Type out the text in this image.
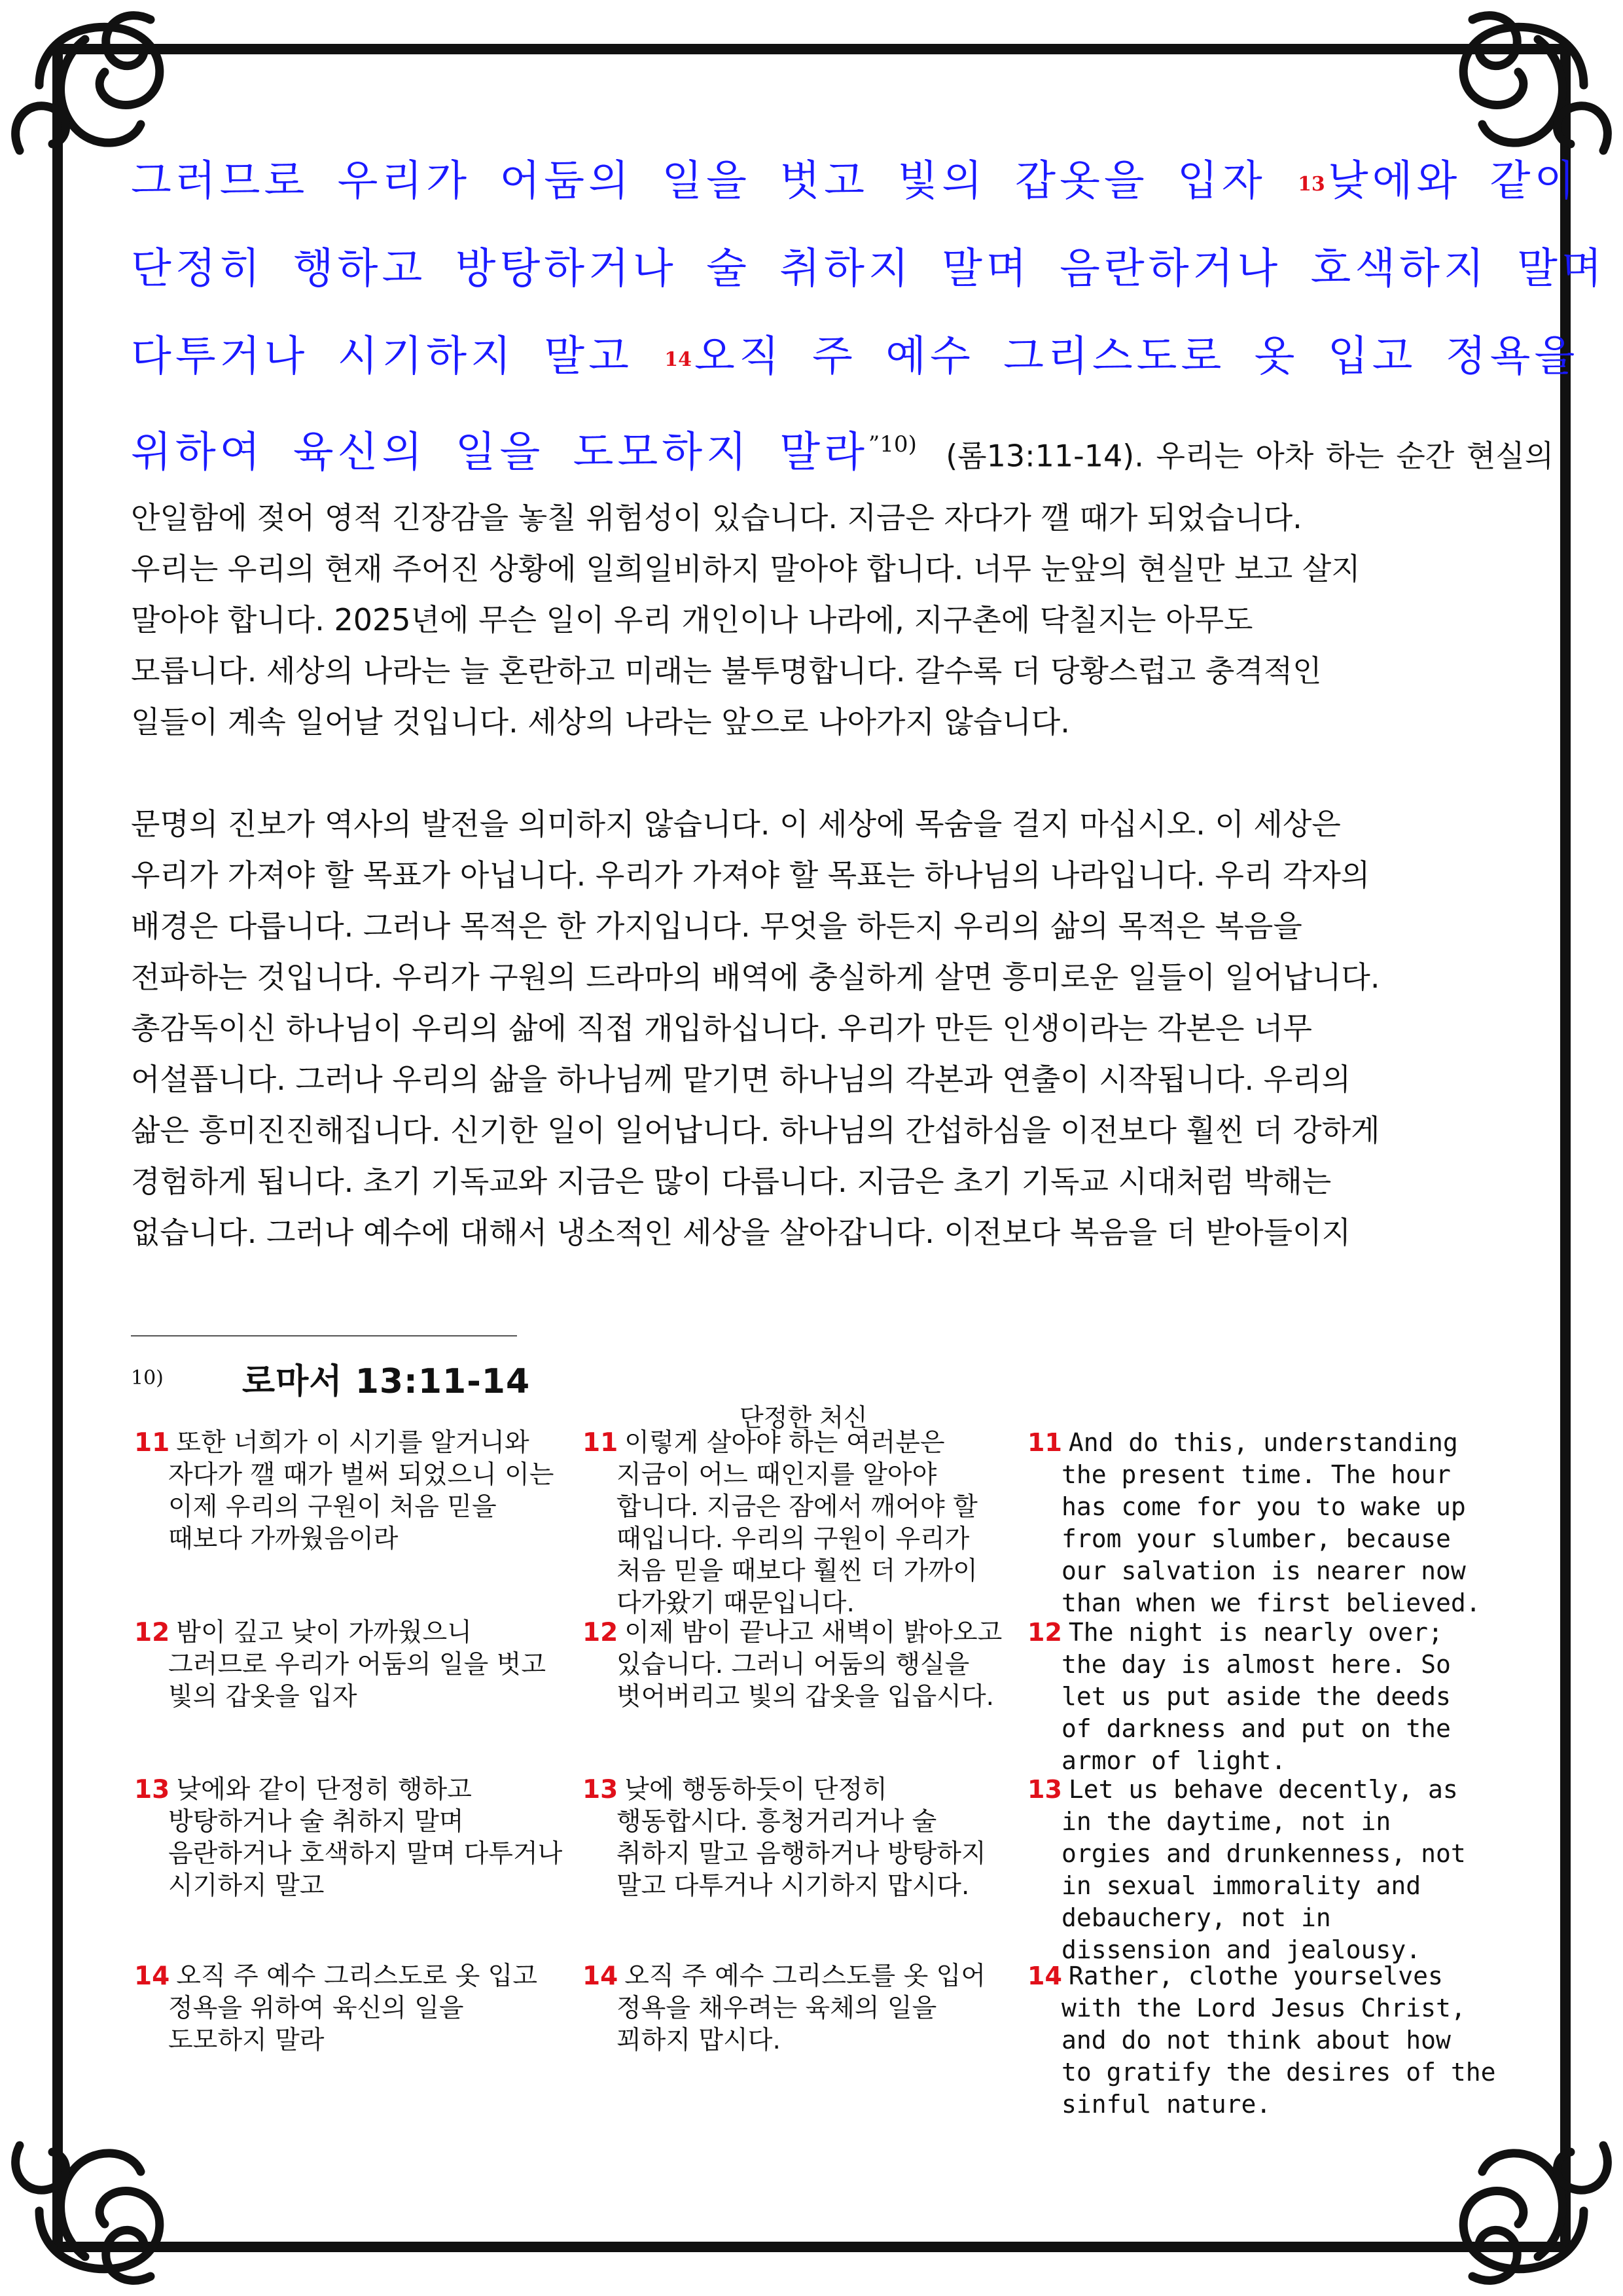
그러므로 우리가 어둠의 일을 벗고 빛의 갑옷을 입자 13낮에와 같이
단정히 행하고 방탕하거나 술 취하지 말며 음란하거나 호색하지 말며
다투거나 시기하지 말고 14오직 주 예수 그리스도로 옷 입고 정욕을
위하여 육신의 일을 도모하지 말라$^{”10)}$ (롬13:11-14). 우리는 아차 하는 순간 현실의
안일함에 젖어 영적 긴장감을 놓칠 위험성이 있습니다. 지금은 자다가 깰 때가 되었습니다.
우리는 우리의 현재 주어진 상황에 일희일비하지 말아야 합니다. 너무 눈앞의 현실만 보고 살지
말아야 합니다. 2025년에 무슨 일이 우리 개인이나 나라에, 지구촌에 닥칠지는 아무도
모릅니다. 세상의 나라는 늘 혼란하고 미래는 불투명합니다. 갈수록 더 당황스럽고 충격적인
일들이 계속 일어날 것입니다. 세상의 나라는 앞으로 나아가지 않습니다.
문명의 진보가 역사의 발전을 의미하지 않습니다. 이 세상에 목숨을 걸지 마십시오. 이 세상은
우리가 가져야 할 목표가 아닙니다. 우리가 가져야 할 목표는 하나님의 나라입니다. 우리 각자의
배경은 다릅니다. 그러나 목적은 한 가지입니다. 무엇을 하든지 우리의 삶의 목적은 복음을
전파하는 것입니다. 우리가 구원의 드라마의 배역에 충실하게 살면 흥미로운 일들이 일어납니다.
총감독이신 하나님이 우리의 삶에 직접 개입하십니다. 우리가 만든 인생이라는 각본은 너무
어설픕니다. 그러나 우리의 삶을 하나님께 맡기면 하나님의 각본과 연출이 시작됩니다. 우리의
삶은 흥미진진해집니다. 신기한 일이 일어납니다. 하나님의 간섭하심을 이전보다 훨씬 더 강하게
경험하게 됩니다. 초기 기독교와 지금은 많이 다릅니다. 지금은 초기 기독교 시대처럼 박해는
없습니다. 그러나 예수에 대해서 냉소적인 세상을 살아갑니다. 이전보다 복음을 더 받아들이지
10) 로마서 13:11-14
단정한 처신
11 또한 너희가 이 시기를 알거니와
자다가 깰 때가 벌써 되었으니 이는
이제 우리의 구원이 처음 믿을
때보다 가까웠음이라
12 밤이 깊고 낮이 가까웠으니
그러므로 우리가 어둠의 일을 벗고
빛의 갑옷을 입자
13 낮에와 같이 단정히 행하고
방탕하거나 술 취하지 말며
음란하거나 호색하지 말며 다투거나
시기하지 말고
14 오직 주 예수 그리스도로 옷 입고
정욕을 위하여 육신의 일을
도모하지 말라
11 이렇게 살아야 하는 여러분은
지금이 어느 때인지를 알아야
합니다. 지금은 잠에서 깨어야 할
때입니다. 우리의 구원이 우리가
처음 믿을 때보다 훨씬 더 가까이
다가왔기 때문입니다.
12 이제 밤이 끝나고 새벽이 밝아오고
있습니다. 그러니 어둠의 행실을
벗어버리고 빛의 갑옷을 입읍시다.
13 낮에 행동하듯이 단정히
행동합시다. 흥청거리거나 술
취하지 말고 음행하거나 방탕하지
말고 다투거나 시기하지 맙시다.
14 오직 주 예수 그리스도를 옷 입어
정욕을 채우려는 육체의 일을
꾀하지 맙시다.
11 And do this, understanding
the present time. The hour
has come for you to wake up
from your slumber, because
our salvation is nearer now
than when we first believed.
12 The night is nearly over;
the day is almost here. So
let us put aside the deeds
of darkness and put on the
armor of light.
13 Let us behave decently, as
in the daytime, not in
orgies and drunkenness, not
in sexual immorality and
debauchery, not in
dissension and jealousy.
14 Rather, clothe yourselves
with the Lord Jesus Christ,
and do not think about how
to gratify the desires of the
sinful nature.
